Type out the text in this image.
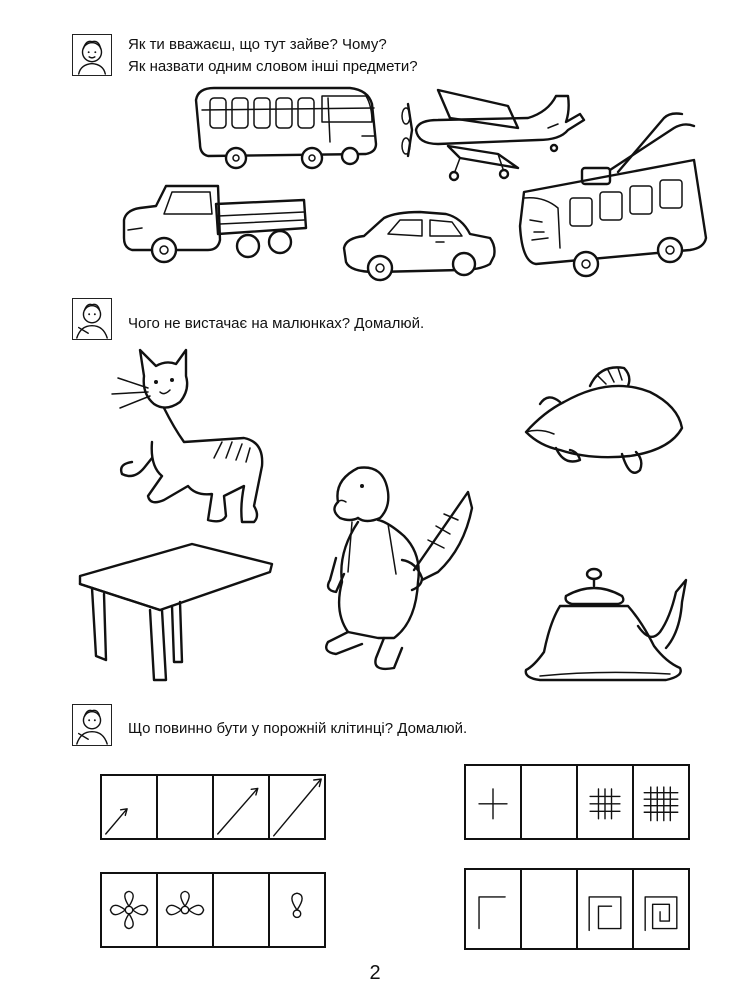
Як ти вважаєш, що тут зайве? Чому?
Як назвати одним словом інші предмети?
Чого не вистачає на малюнках? Домалюй.
Що повинно бути у порожній клітинці? Домалюй.
2
